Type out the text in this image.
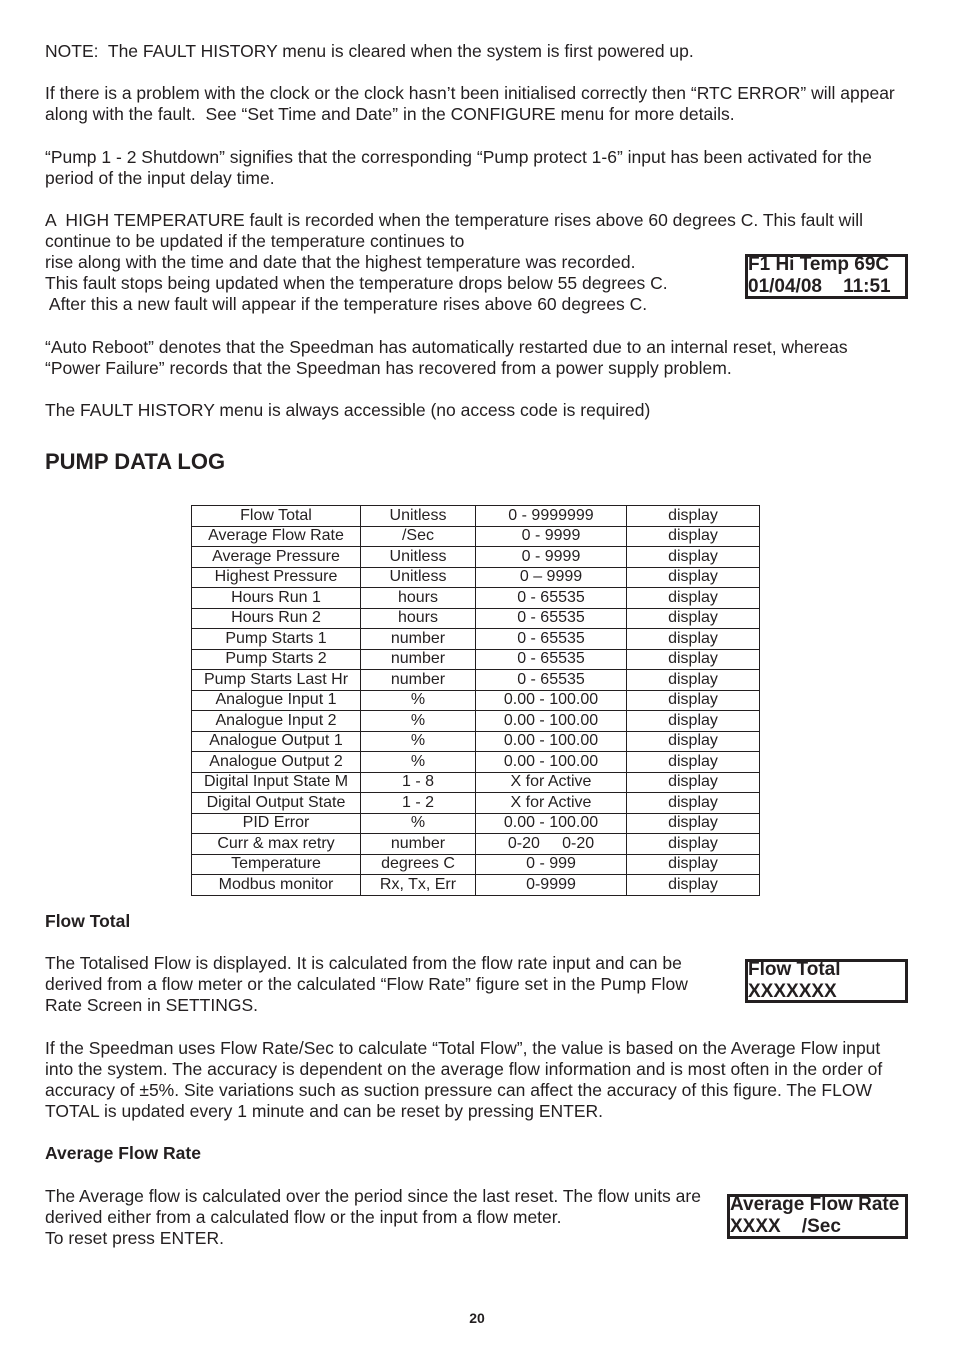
NOTE:  The FAULT HISTORY menu is cleared when the system is first powered up.
If there is a problem with the clock or the clock hasn’t been initialised correctly then “RTC ERROR” will appear
along with the fault.  See “Set Time and Date” in the CONFIGURE menu for more details.
“Pump 1 - 2 Shutdown” signifies that the corresponding “Pump protect 1-6” input has been activated for the
period of the input delay time.
A  HIGH TEMPERATURE fault is recorded when the temperature rises above 60 degrees C. This fault will
continue to be updated if the temperature continues to
rise along with the time and date that the highest temperature was recorded.
This fault stops being updated when the temperature drops below 55 degrees C.
After this a new fault will appear if the temperature rises above 60 degrees C.
F1 Hi Temp 69C
01/04/08    11:51
“Auto Reboot” denotes that the Speedman has automatically restarted due to an internal reset, whereas
“Power Failure” records that the Speedman has recovered from a power supply problem.
The FAULT HISTORY menu is always accessible (no access code is required)
PUMP DATA LOG
Flow Total	Unitless	0 - 9999999	display
Average Flow Rate	/Sec	0 - 9999	display
Average Pressure	Unitless	0 - 9999	display
Highest Pressure	Unitless	0 – 9999	display
Hours Run 1	hours	0 - 65535	display
Hours Run 2	hours	0 - 65535	display
Pump Starts 1	number	0 - 65535	display
Pump Starts 2	number	0 - 65535	display
Pump Starts Last Hr	number	0 - 65535	display
Analogue Input 1	%	0.00 - 100.00	display
Analogue Input 2	%	0.00 - 100.00	display
Analogue Output 1	%	0.00 - 100.00	display
Analogue Output 2	%	0.00 - 100.00	display
Digital Input State M	1 - 8	X for Active	display
Digital Output State	1 - 2	X for Active	display
PID Error	%	0.00 - 100.00	display
Curr & max retry	number	0-20     0-20	display
Temperature	degrees C	0 - 999	display
Modbus monitor	Rx, Tx, Err	0-9999	display
Flow Total
The Totalised Flow is displayed. It is calculated from the flow rate input and can be
derived from a flow meter or the calculated “Flow Rate” figure set in the Pump Flow
Rate Screen in SETTINGS.
Flow Total
XXXXXXX
If the Speedman uses Flow Rate/Sec to calculate “Total Flow”, the value is based on the Average Flow input
into the system. The accuracy is dependent on the average flow information and is most often in the order of
accuracy of ±5%. Site variations such as suction pressure can affect the accuracy of this figure. The FLOW
TOTAL is updated every 1 minute and can be reset by pressing ENTER.
Average Flow Rate
The Average flow is calculated over the period since the last reset. The flow units are
derived either from a calculated flow or the input from a flow meter.
To reset press ENTER.
Average Flow Rate
XXXX    /Sec
20
